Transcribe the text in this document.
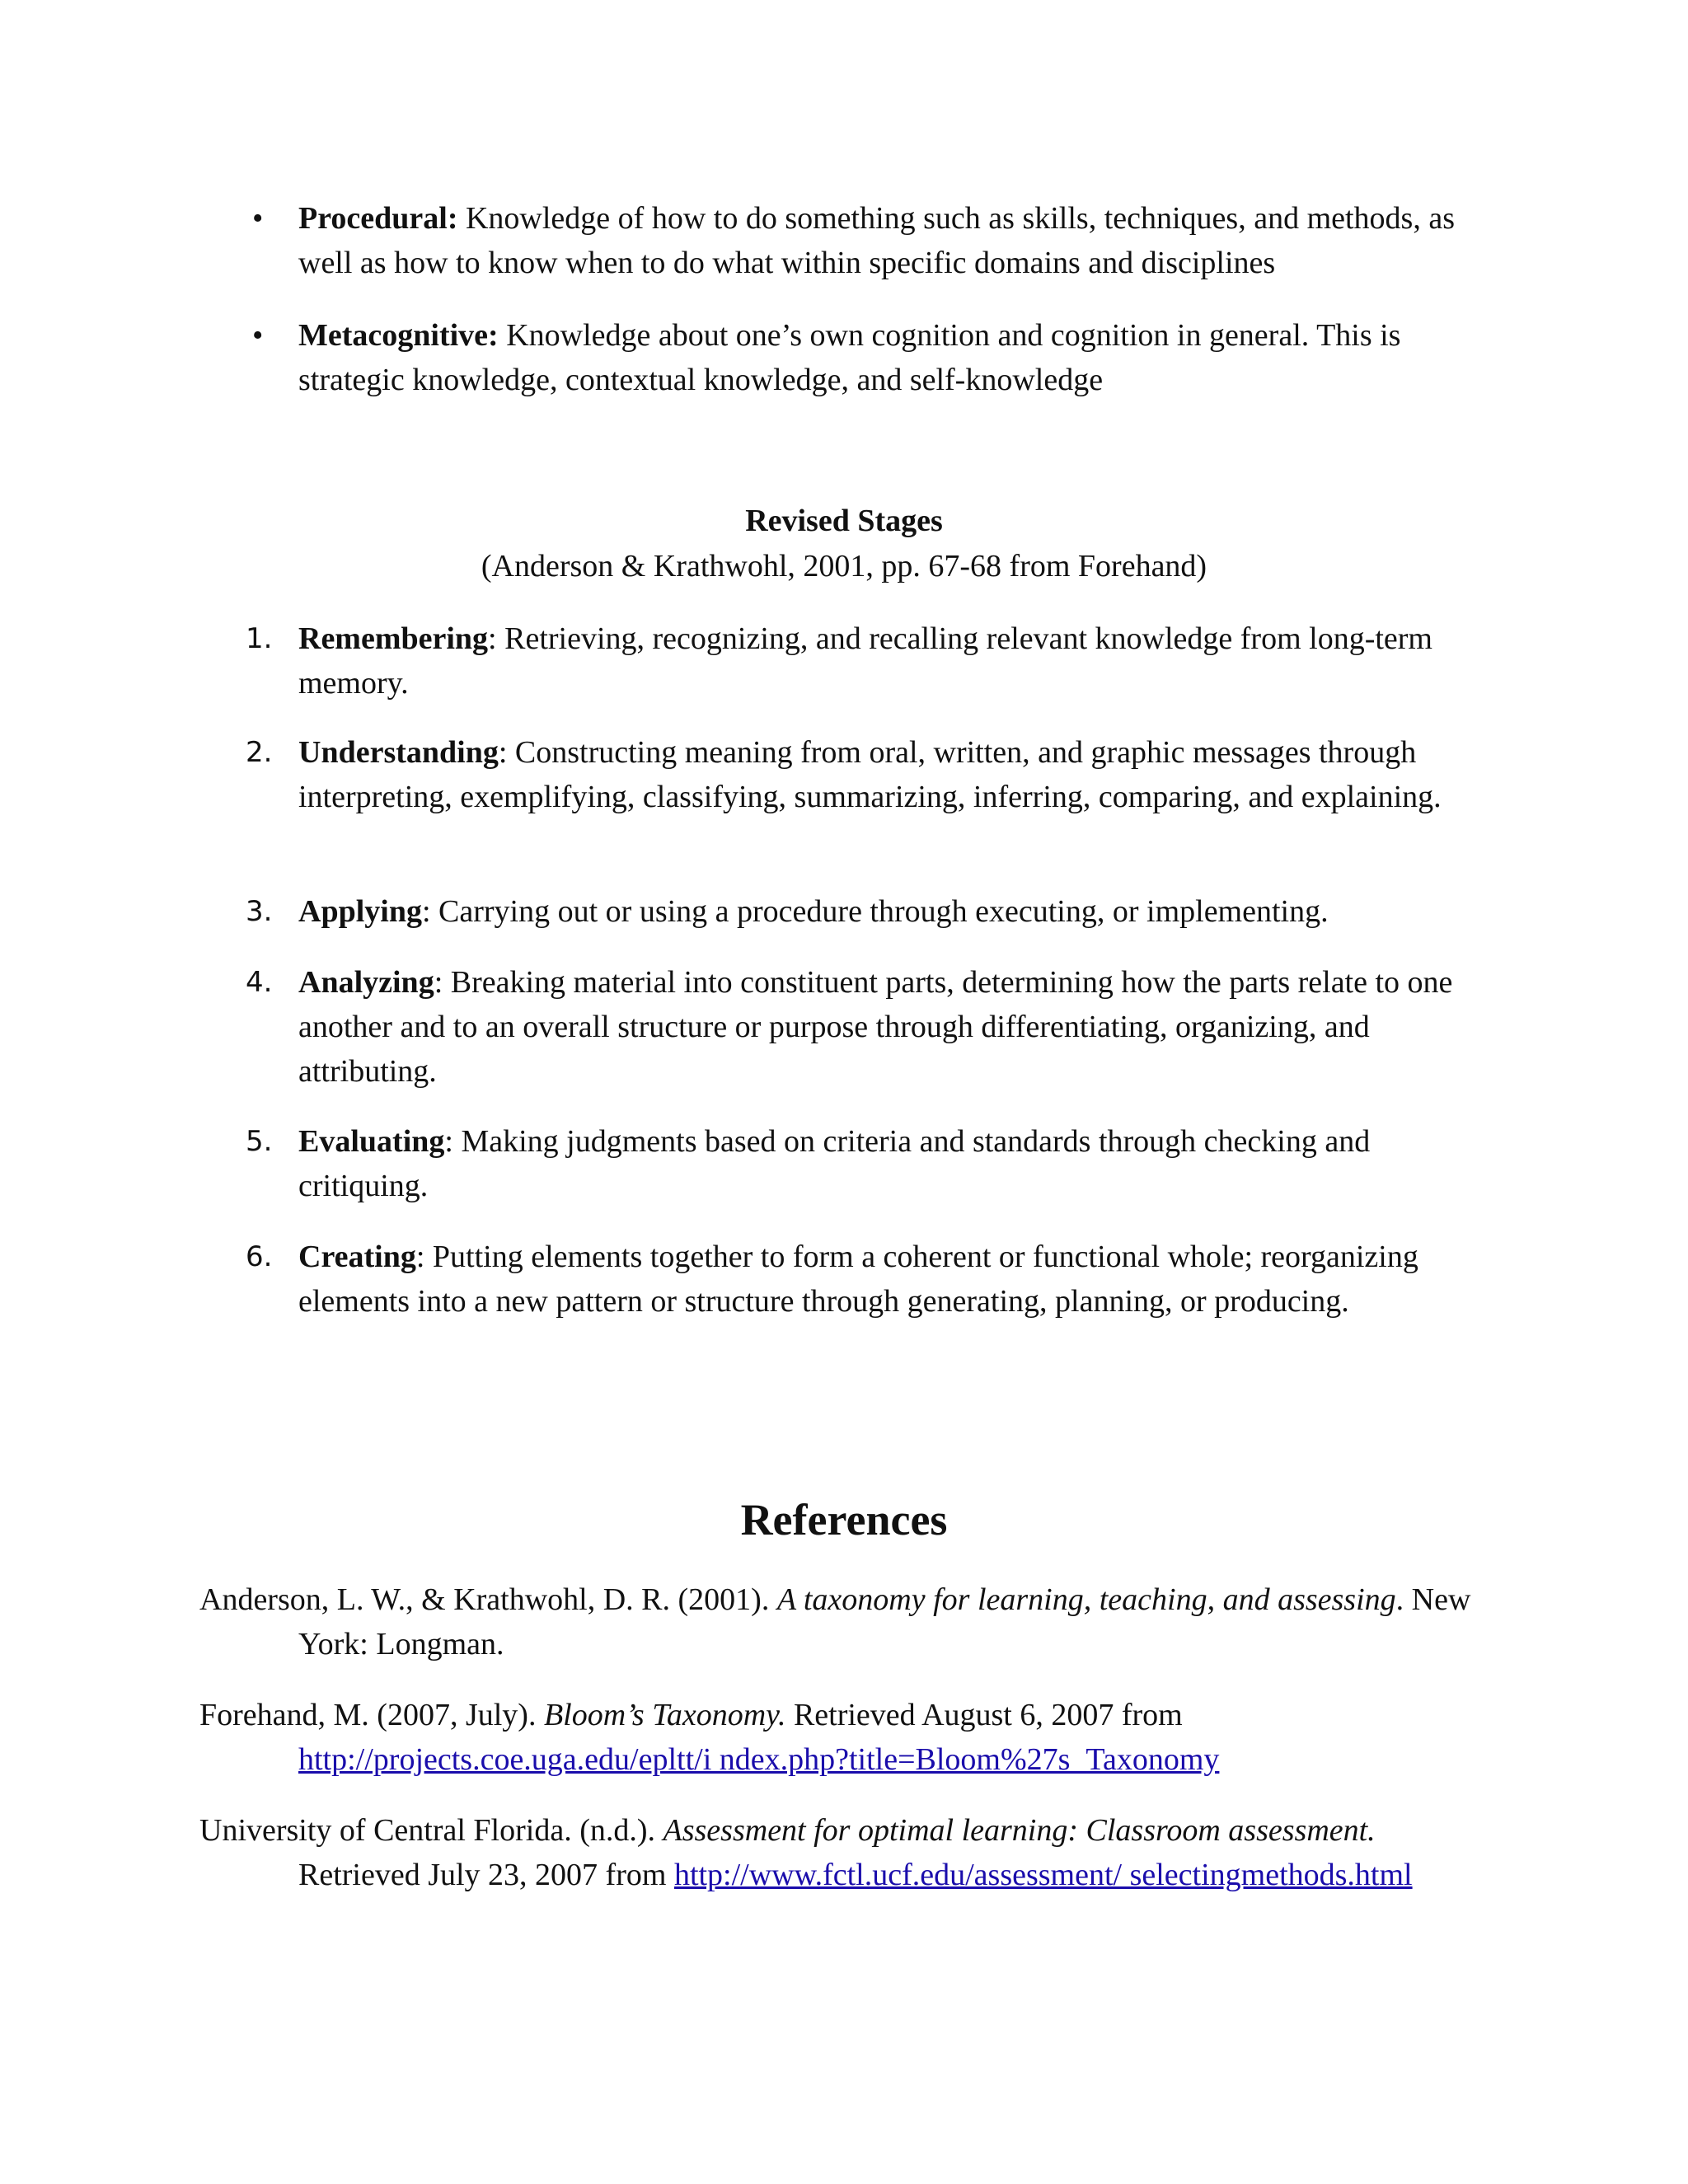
• Procedural: Knowledge of how to do something such as skills, techniques, and methods, as well as how to know when to do what within specific domains and disciplines
• Metacognitive: Knowledge about one’s own cognition and cognition in general. This is strategic knowledge, contextual knowledge, and self-knowledge
Revised Stages
(Anderson & Krathwohl, 2001, pp. 67-68 from Forehand)
1. Remembering: Retrieving, recognizing, and recalling relevant knowledge from long-term memory.
2. Understanding: Constructing meaning from oral, written, and graphic messages through interpreting, exemplifying, classifying, summarizing, inferring, comparing, and explaining.
3. Applying: Carrying out or using a procedure through executing, or implementing.
4. Analyzing: Breaking material into constituent parts, determining how the parts relate to one another and to an overall structure or purpose through differentiating, organizing, and attributing.
5. Evaluating: Making judgments based on criteria and standards through checking and critiquing.
6. Creating: Putting elements together to form a coherent or functional whole; reorganizing elements into a new pattern or structure through generating, planning, or producing.
References
Anderson, L. W., & Krathwohl, D. R. (2001). A taxonomy for learning, teaching, and assessing. New York: Longman.
Forehand, M. (2007, July). Bloom’s Taxonomy. Retrieved August 6, 2007 from http://projects.coe.uga.edu/epltt/i ndex.php?title=Bloom%27s_Taxonomy
University of Central Florida. (n.d.). Assessment for optimal learning: Classroom assessment. Retrieved July 23, 2007 from http://www.fctl.ucf.edu/assessment/ selectingmethods.html
